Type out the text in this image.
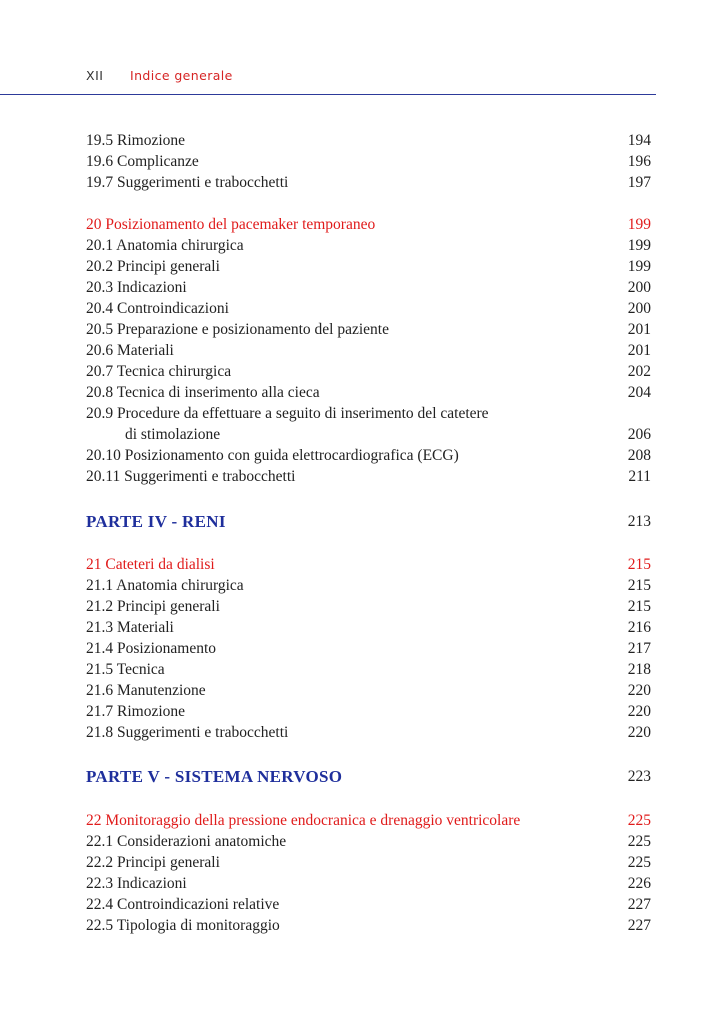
XII Indice generale
19.5 Rimozione	194
19.6 Complicanze	196
19.7 Suggerimenti e trabocchetti	197
20 Posizionamento del pacemaker temporaneo	199
20.1 Anatomia chirurgica	199
20.2 Principi generali	199
20.3 Indicazioni	200
20.4 Controindicazioni	200
20.5 Preparazione e posizionamento del paziente	201
20.6 Materiali	201
20.7 Tecnica chirurgica	202
20.8 Tecnica di inserimento alla cieca	204
20.9 Procedure da effettuare a seguito di inserimento del catetere
di stimolazione	206
20.10 Posizionamento con guida elettrocardiografica (ECG)	208
20.11 Suggerimenti e trabocchetti	211
PARTE IV - RENI	213
21 Cateteri da dialisi	215
21.1 Anatomia chirurgica	215
21.2 Principi generali	215
21.3 Materiali	216
21.4 Posizionamento	217
21.5 Tecnica	218
21.6 Manutenzione	220
21.7 Rimozione	220
21.8 Suggerimenti e trabocchetti	220
PARTE V - SISTEMA NERVOSO	223
22 Monitoraggio della pressione endocranica e drenaggio ventricolare	225
22.1 Considerazioni anatomiche	225
22.2 Principi generali	225
22.3 Indicazioni	226
22.4 Controindicazioni relative	227
22.5 Tipologia di monitoraggio	227
